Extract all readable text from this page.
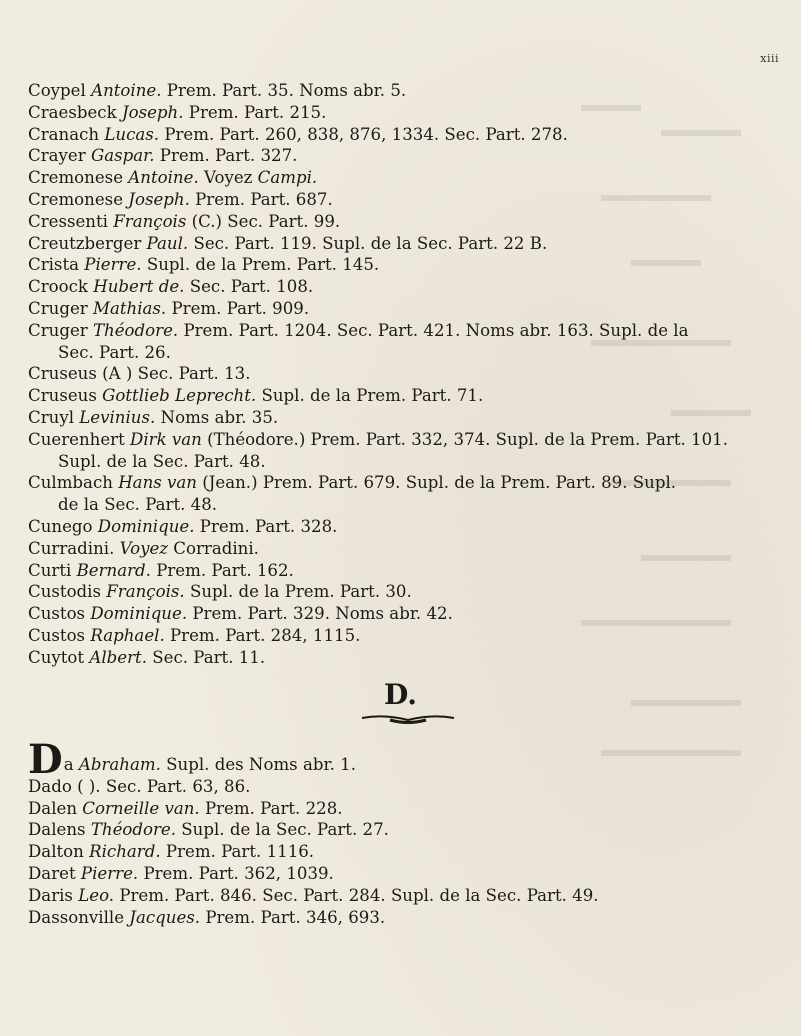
xiii
Coypel Antoine. Prem. Part. 35. Noms abr. 5.
Craesbeck Joseph. Prem. Part. 215.
Cranach Lucas. Prem. Part. 260, 838, 876, 1334. Sec. Part. 278.
Crayer Gaspar. Prem. Part. 327.
Cremonese Antoine. Voyez Campi.
Cremonese Joseph. Prem. Part. 687.
Cressenti François (C.) Sec. Part. 99.
Creutzberger Paul. Sec. Part. 119. Supl. de la Sec. Part. 22 B.
Crista Pierre. Supl. de la Prem. Part. 145.
Croock Hubert de. Sec. Part. 108.
Cruger Mathias. Prem. Part. 909.
Cruger Théodore. Prem. Part. 1204. Sec. Part. 421. Noms abr. 163. Supl. de la
Sec. Part. 26.
Cruseus (A ) Sec. Part. 13.
Cruseus Gottlieb Leprecht. Supl. de la Prem. Part. 71.
Cruyl Levinius. Noms abr. 35.
Cuerenhert Dirk van (Théodore.) Prem. Part. 332, 374. Supl. de la Prem. Part. 101.
Supl. de la Sec. Part. 48.
Culmbach Hans van (Jean.) Prem. Part. 679. Supl. de la Prem. Part. 89. Supl.
de la Sec. Part. 48.
Cunego Dominique. Prem. Part. 328.
Curradini. Voyez Corradini.
Curti Bernard. Prem. Part. 162.
Custodis François. Supl. de la Prem. Part. 30.
Custos Dominique. Prem. Part. 329. Noms abr. 42.
Custos Raphael. Prem. Part. 284, 1115.
Cuytot Albert. Sec. Part. 11.
D.
Da Abraham. Supl. des Noms abr. 1.
Dado ( ). Sec. Part. 63, 86.
Dalen Corneille van. Prem. Part. 228.
Dalens Théodore. Supl. de la Sec. Part. 27.
Dalton Richard. Prem. Part. 1116.
Daret Pierre. Prem. Part. 362, 1039.
Daris Leo. Prem. Part. 846. Sec. Part. 284. Supl. de la Sec. Part. 49.
Dassonville Jacques. Prem. Part. 346, 693.
